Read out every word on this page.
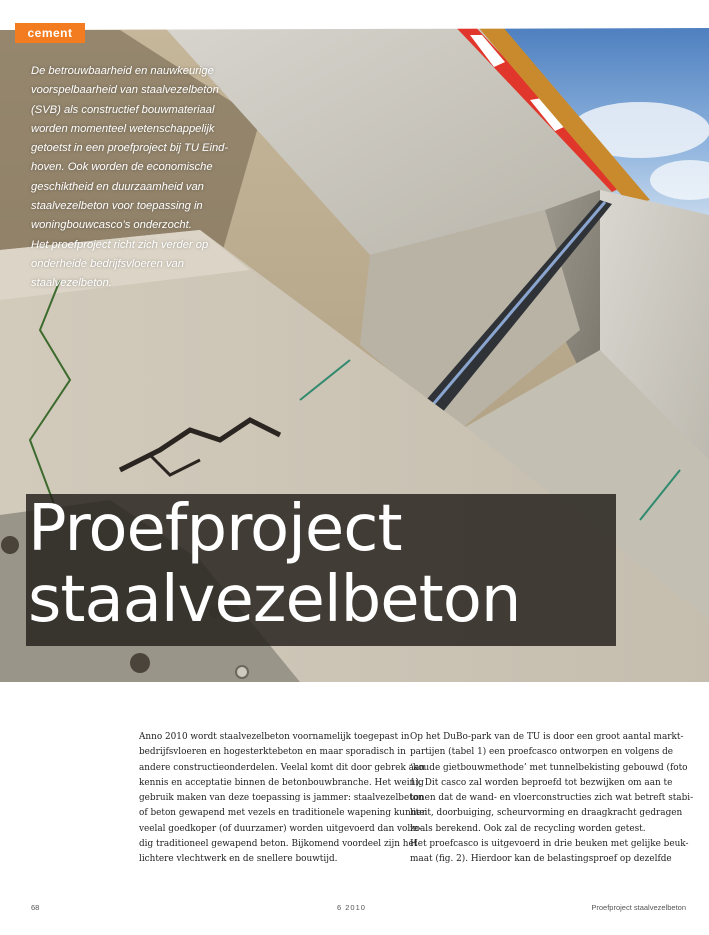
cement

De betrouwbaarheid en nauwkeurige
voorspelbaarheid van staalvezelbeton
(SVB) als constructief bouwmateriaal
worden momenteel wetenschappelijk
getoetst in een proefproject bij TU Eind-
hoven. Ook worden de economische
geschiktheid en duurzaamheid van
staalvezelbeton voor toepassing in
woningbouwcasco’s onderzocht.
Het proefproject richt zich verder op
onderheide bedrijfsvloeren van
staalvezelbeton.

Proefproject
staalvezelbeton

Anno 2010 wordt staalvezelbeton voornamelijk toegepast in
bedrijfsvloeren en hogesterktebeton en maar sporadisch in
andere constructieonderdelen. Veelal komt dit door gebrek aan
kennis en acceptatie binnen de betonbouwbranche. Het weinig
gebruik maken van deze toepassing is jammer: staalvezelbeton
of beton gewapend met vezels en traditionele wapening kunnen
veelal goedkoper (of duurzamer) worden uitgevoerd dan volle-
dig traditioneel gewapend beton. Bijkomend voordeel zijn het
lichtere vlechtwerk en de snellere bouwtijd.

Op het DuBo-park van de TU is door een groot aantal markt-
partijen (tabel 1) een proefcasco ontworpen en volgens de
‘koude gietbouwmethode’ met tunnelbekisting gebouwd (foto
1). Dit casco zal worden beproefd tot bezwijken om aan te
tonen dat de wand- en vloerconstructies zich wat betreft stabi-
liteit, doorbuiging, scheurvorming en draagkracht gedragen
zoals berekend. Ook zal de recycling worden getest.
Het proefcasco is uitgevoerd in drie beuken met gelijke beuk-
maat (fig. 2). Hierdoor kan de belastingsproef op dezelfde

68	6 2010	Proefproject staalvezelbeton
